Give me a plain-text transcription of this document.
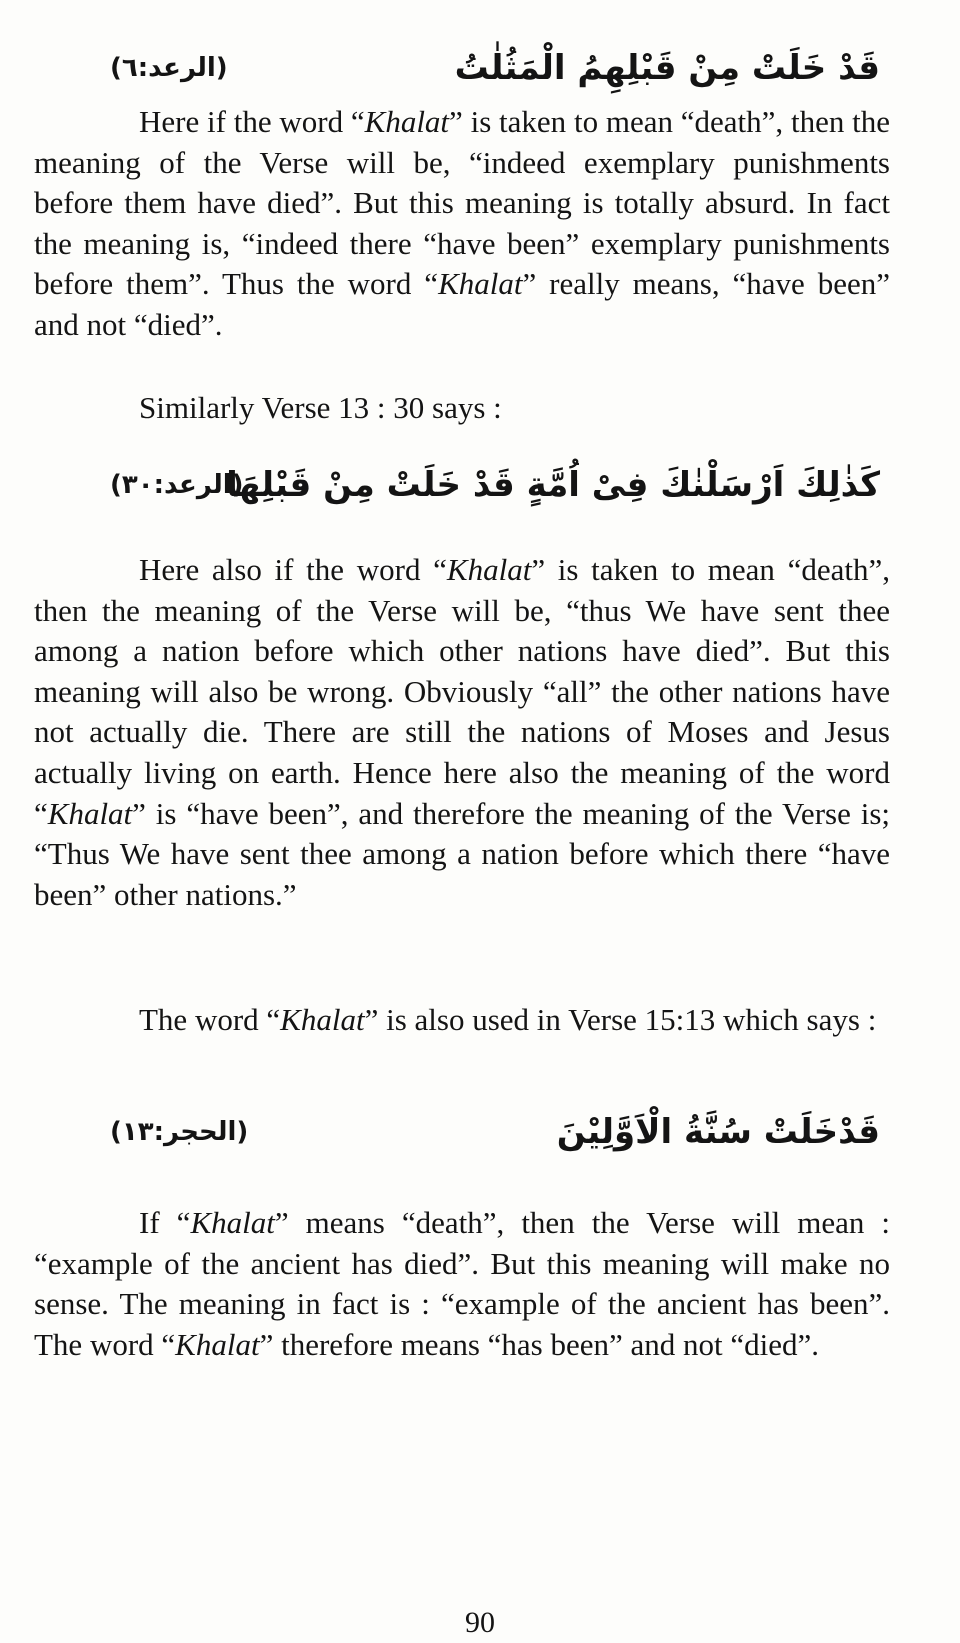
قَدْ خَلَتْ مِنْ قَبْلِهِمُ الْمَثُلٰتُ
(الرعد:٦)

Here if the word “Khalat” is taken to mean “death”, then the meaning of the Verse will be, “indeed exemplary punishments before them have died”. But this meaning is totally absurd. In fact the meaning is, “indeed there “have been” exemplary punishments before them”. Thus the word “Khalat” really means, “have been” and not “died”.

Similarly Verse 13 : 30 says :

كَذٰلِكَ اَرْسَلْنٰكَ فِىْ اُمَّةٍ قَدْ خَلَتْ مِنْ قَبْلِهَا
(الرعد:٣٠)

Here also if the word “Khalat” is taken to mean “death”, then the meaning of the Verse will be, “thus We have sent thee among a nation before which other nations have died”. But this meaning will also be wrong. Obviously “all” the other nations have not actually die. There are still the nations of Moses and Jesus actually living on earth. Hence here also the meaning of the word “Khalat” is “have been”, and therefore the meaning of the Verse is; “Thus We have sent thee among a nation before which there “have been” other nations.”

The word “Khalat” is also used in Verse 15:13 which says :

قَدْخَلَتْ سُنَّةُ الْاَوَّلِيْنَ
(الحجر:١٣)

If “Khalat” means “death”, then the Verse will mean : “example of the ancient has died”. But this meaning will make no sense. The meaning in fact is : “example of the ancient has been”. The word “Khalat” therefore means “has been” and not “died”.

90
